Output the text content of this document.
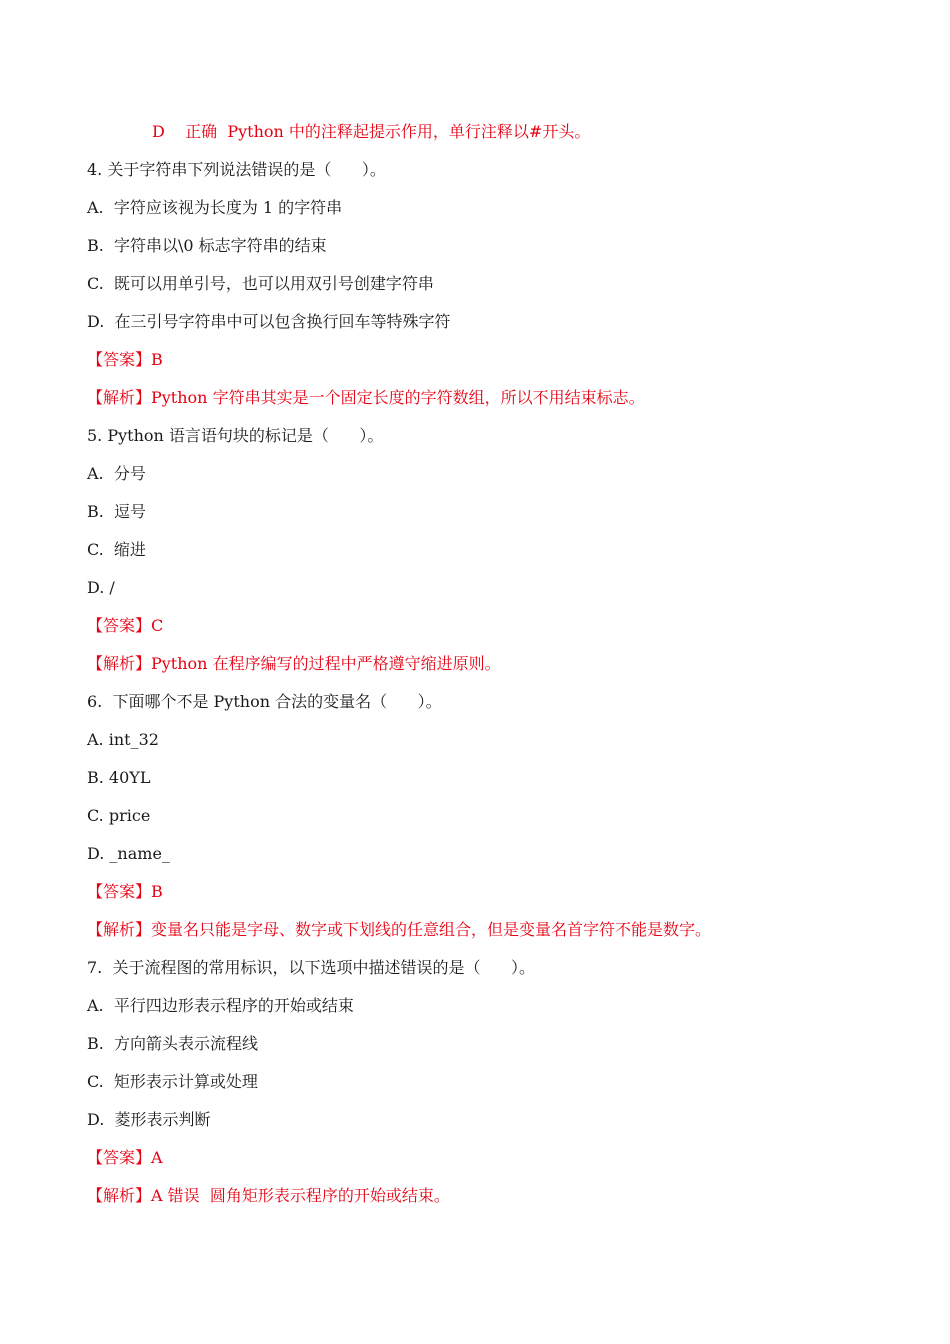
D    正确  Python 中的注释起提示作用，单行注释以#开头。
4. 关于字符串下列说法错误的是（      ）。
A.  字符应该视为长度为 1 的字符串
B.  字符串以\0 标志字符串的结束
C.  既可以用单引号，也可以用双引号创建字符串
D.  在三引号字符串中可以包含换行回车等特殊字符
【答案】B
【解析】Python 字符串其实是一个固定长度的字符数组，所以不用结束标志。
5. Python 语言语句块的标记是（      ）。
A.  分号
B.  逗号
C.  缩进
D. /
【答案】C
【解析】Python 在程序编写的过程中严格遵守缩进原则。
6.  下面哪个不是 Python 合法的变量名（      ）。
A. int_32
B. 40YL
C. price
D. _name_
【答案】B
【解析】变量名只能是字母、数字或下划线的任意组合，但是变量名首字符不能是数字。
7.  关于流程图的常用标识，以下选项中描述错误的是（      ）。
A.  平行四边形表示程序的开始或结束
B.  方向箭头表示流程线
C.  矩形表示计算或处理
D.  菱形表示判断
【答案】A
【解析】A 错误  圆角矩形表示程序的开始或结束。
